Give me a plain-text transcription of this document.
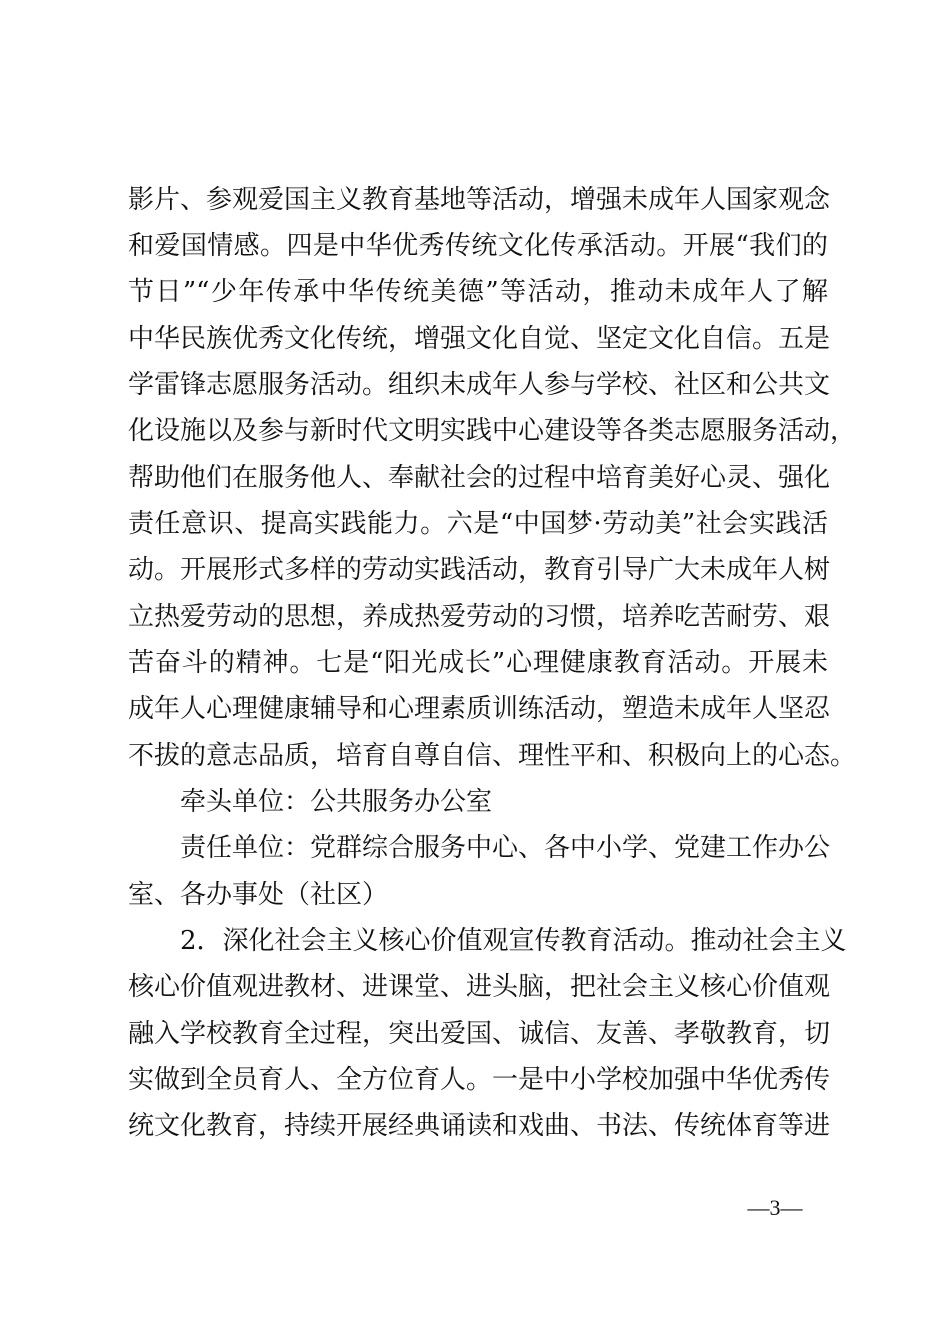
影片、参观爱国主义教育基地等活动，增强未成年人国家观念
和爱国情感。四是中华优秀传统文化传承活动。开展“我们的
节日”“少年传承中华传统美德”等活动，推动未成年人了解
中华民族优秀文化传统，增强文化自觉、坚定文化自信。五是
学雷锋志愿服务活动。组织未成年人参与学校、社区和公共文
化设施以及参与新时代文明实践中心建设等各类志愿服务活动，
帮助他们在服务他人、奉献社会的过程中培育美好心灵、强化
责任意识、提高实践能力。六是“中国梦·劳动美”社会实践活
动。开展形式多样的劳动实践活动，教育引导广大未成年人树
立热爱劳动的思想，养成热爱劳动的习惯，培养吃苦耐劳、艰
苦奋斗的精神。七是“阳光成长”心理健康教育活动。开展未
成年人心理健康辅导和心理素质训练活动，塑造未成年人坚忍
不拔的意志品质，培育自尊自信、理性平和、积极向上的心态。
牵头单位：公共服务办公室
责任单位：党群综合服务中心、各中小学、党建工作办公
室、各办事处（社区）
2．深化社会主义核心价值观宣传教育活动。推动社会主义
核心价值观进教材、进课堂、进头脑，把社会主义核心价值观
融入学校教育全过程，突出爱国、诚信、友善、孝敬教育，切
实做到全员育人、全方位育人。一是中小学校加强中华优秀传
统文化教育，持续开展经典诵读和戏曲、书法、传统体育等进
—3—
